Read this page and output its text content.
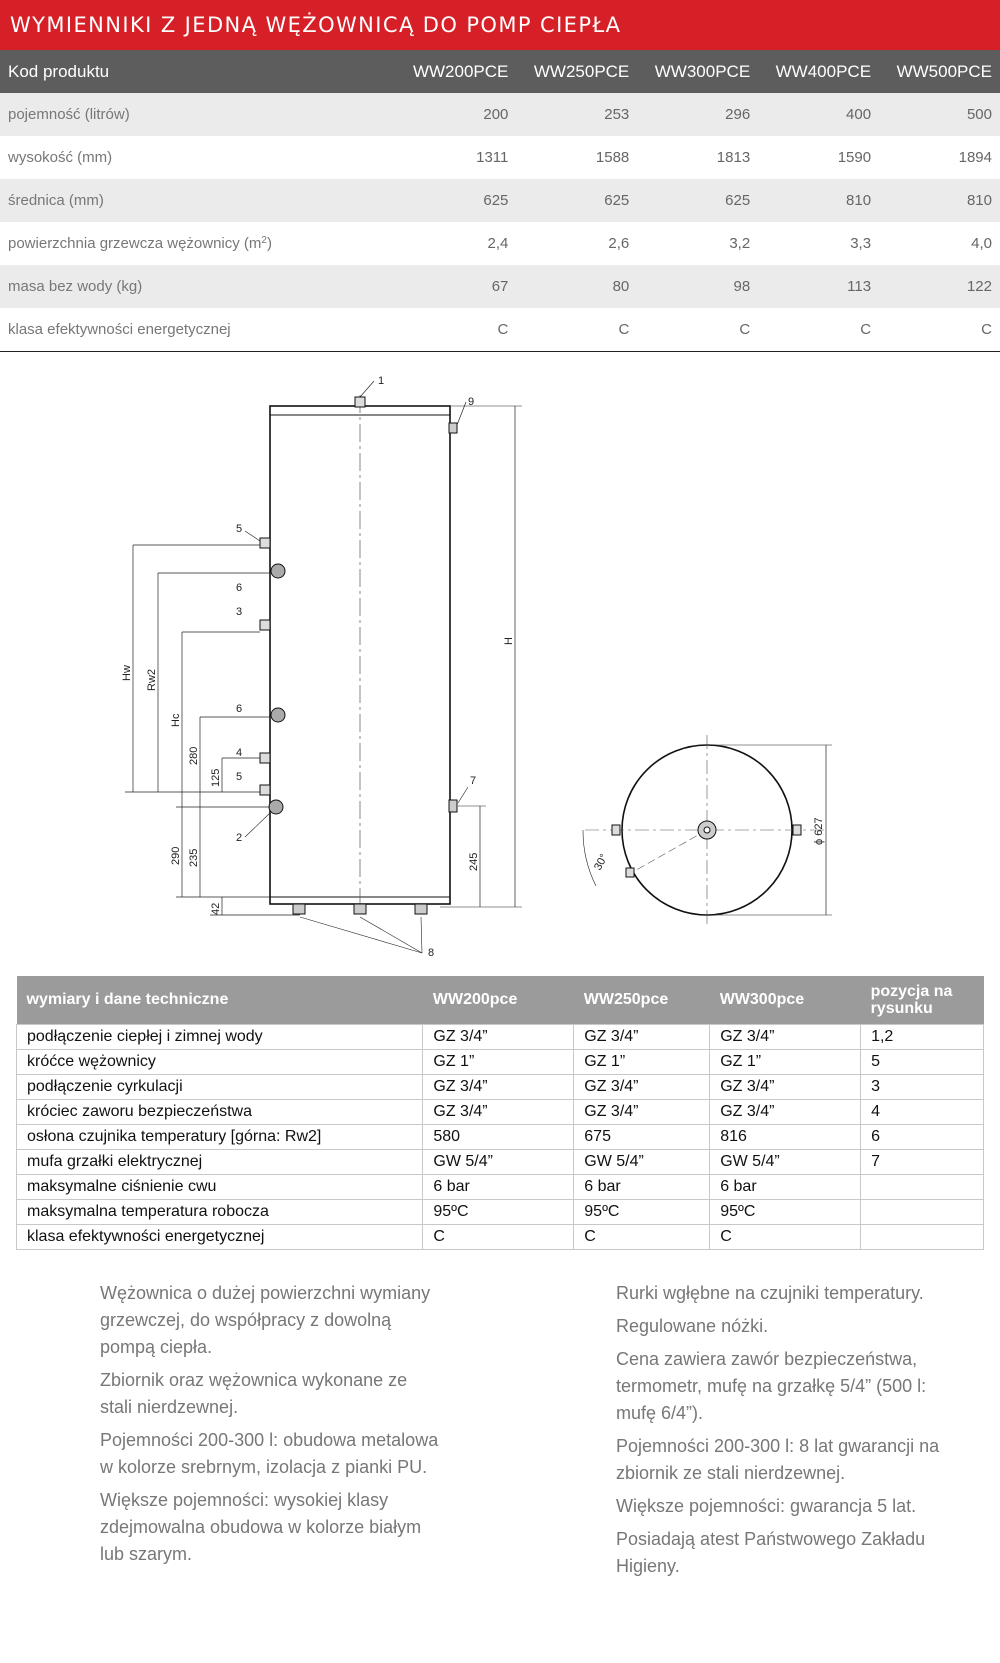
WYMIENNIKI Z JEDNĄ WĘŻOWNICĄ DO POMP CIEPŁA
Kod produktu	WW200PCE	WW250PCE	WW300PCE	WW400PCE	WW500PCE
pojemność (litrów)	200	253	296	400	500
wysokość (mm)	1311	1588	1813	1590	1894
średnica (mm)	625	625	625	810	810
powierzchnia grzewcza wężownicy $(m^2)$	2,4	2,6	3,2	3,3	4,0
masa bez wody (kg)	67	80	98	113	122
klasa efektywności energetycznej	C	C	C	C	C
1
9
5
6
3
6
4
5
2
7
8
H
245
Hw Rw2
Hc
280
125
290 235
42
30°
ϕ 627
wymiary i dane techniczne	WW200pce	WW250pce	WW300pce	pozycja na rysunku
podłączenie ciepłej i zimnej wody	GZ 3/4”	GZ 3/4”	GZ 3/4”	1,2
króćce wężownicy	GZ 1”	GZ 1”	GZ 1”	5
podłączenie cyrkulacji	GZ 3/4”	GZ 3/4”	GZ 3/4”	3
króciec zaworu bezpieczeństwa	GZ 3/4”	GZ 3/4”	GZ 3/4”	4
osłona czujnika temperatury [górna: Rw2]	580	675	816	6
mufa grzałki elektrycznej	GW 5/4”	GW 5/4”	GW 5/4”	7
maksymalne ciśnienie cwu	6 bar	6 bar	6 bar	
maksymalna temperatura robocza	95ºC	95ºC	95ºC	
klasa efektywności energetycznej	C	C	C	

Wężownica o dużej powierzchni wymiany grzewczej, do współpracy z dowolną pompą ciepła.

Zbiornik oraz wężownica wykonane ze stali nierdzewnej.

Pojemności 200-300 l: obudowa metalowa w kolorze srebrnym, izolacja z pianki PU.

Większe pojemności: wysokiej klasy zdejmowalna obudowa w kolorze białym lub szarym.

Rurki wgłębne na czujniki temperatury.

Regulowane nóżki.

Cena zawiera zawór bezpieczeństwa, termometr, mufę na grzałkę 5/4” (500 l: mufę 6/4”).

Pojemności 200-300 l: 8 lat gwarancji na zbiornik ze stali nierdzewnej.

Większe pojemności: gwarancja 5 lat.

Posiadają atest Państwowego Zakładu Higieny.
